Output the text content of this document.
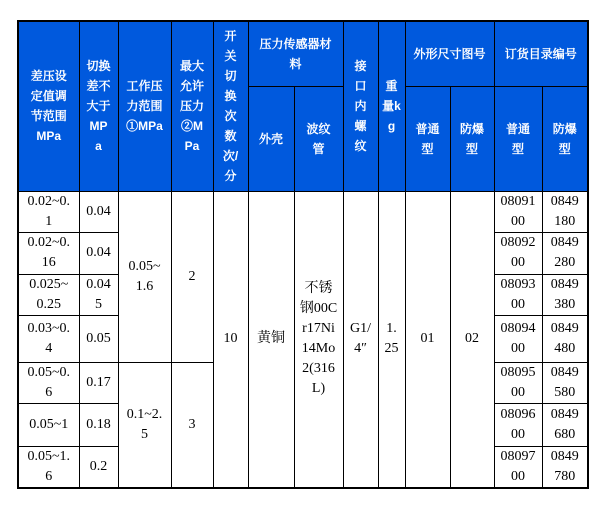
差压设定值调节范围MPa	切换差不大于MPa	工作压力范围①MPa	最大允许压力②MPa	开关切换次数次/分	压力传感器材料		接口内螺纹	重量kg	外形尺寸图号		订货目录编号	
					外壳	波纹管			普通型	防爆型	普通型	防爆型
0.02~0.1	0.04	0.05~1.6	2	10	黄铜	不锈钢00Cr17Ni14Mo2(316L)	G1/4″	1.25	01	02	0809100	0849180
0.02~0.16	0.04										0809200	0849280
0.025~0.25	0.045										0809300	0849380
0.03~0.4	0.05										0809400	0849480
0.05~0.6	0.17	0.1~2.5	3								0809500	0849580
0.05~1	0.18										0809600	0849680
0.05~1.6	0.2										0809700	0849780
